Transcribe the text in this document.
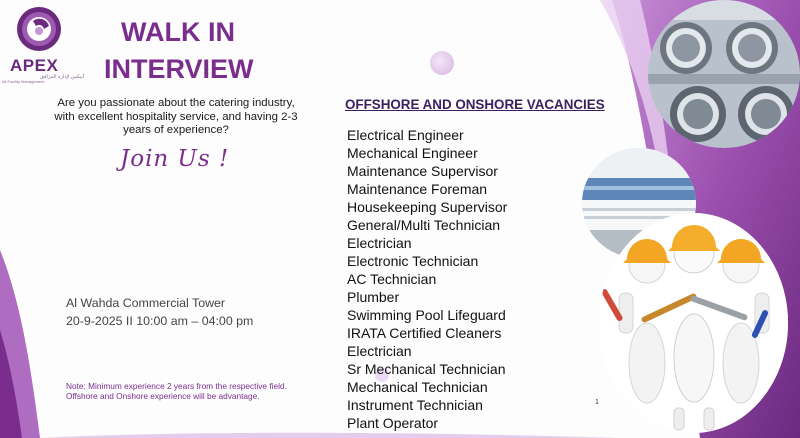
APEX
أيبكس لإدارة المرافق
All Facility Management
WALK IN
INTERVIEW
Are you passionate about the catering industry, with excellent hospitality service, and having 2-3 years of experience?
Join Us !
Al Wahda Commercial Tower
20-9-2025 II 10:00 am – 04:00 pm
Note: Minimum experience 2 years from the respective field. Offshore and Onshore experience will be advantage.
OFFSHORE AND ONSHORE VACANCIES
Electrical Engineer
Mechanical Engineer
Maintenance Supervisor
Maintenance Foreman
Housekeeping Supervisor
General/Multi Technician
Electrician
Electronic Technician
AC Technician
Plumber
Swimming Pool Lifeguard
IRATA Certified Cleaners
Electrician
Sr Mechanical Technician
Mechanical Technician
Instrument Technician
Plant Operator
1
